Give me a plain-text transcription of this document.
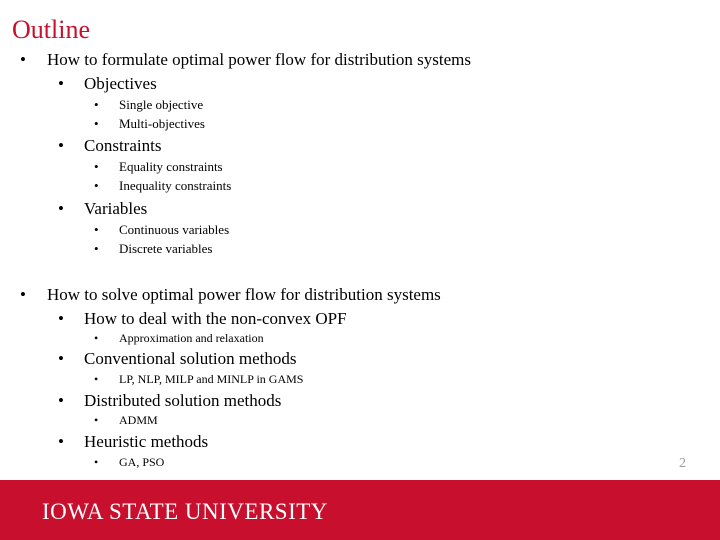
Outline
• How to formulate optimal power flow for distribution systems
• Objectives
• Single objective
• Multi-objectives
• Constraints
• Equality constraints
• Inequality constraints
• Variables
• Continuous variables
• Discrete variables
• How to solve optimal power flow for distribution systems
• How to deal with the non-convex OPF
• Approximation and relaxation
• Conventional solution methods
• LP, NLP, MILP and MINLP in GAMS
• Distributed solution methods
• ADMM
• Heuristic methods
• GA, PSO	2
IOWA STATE UNIVERSITY
